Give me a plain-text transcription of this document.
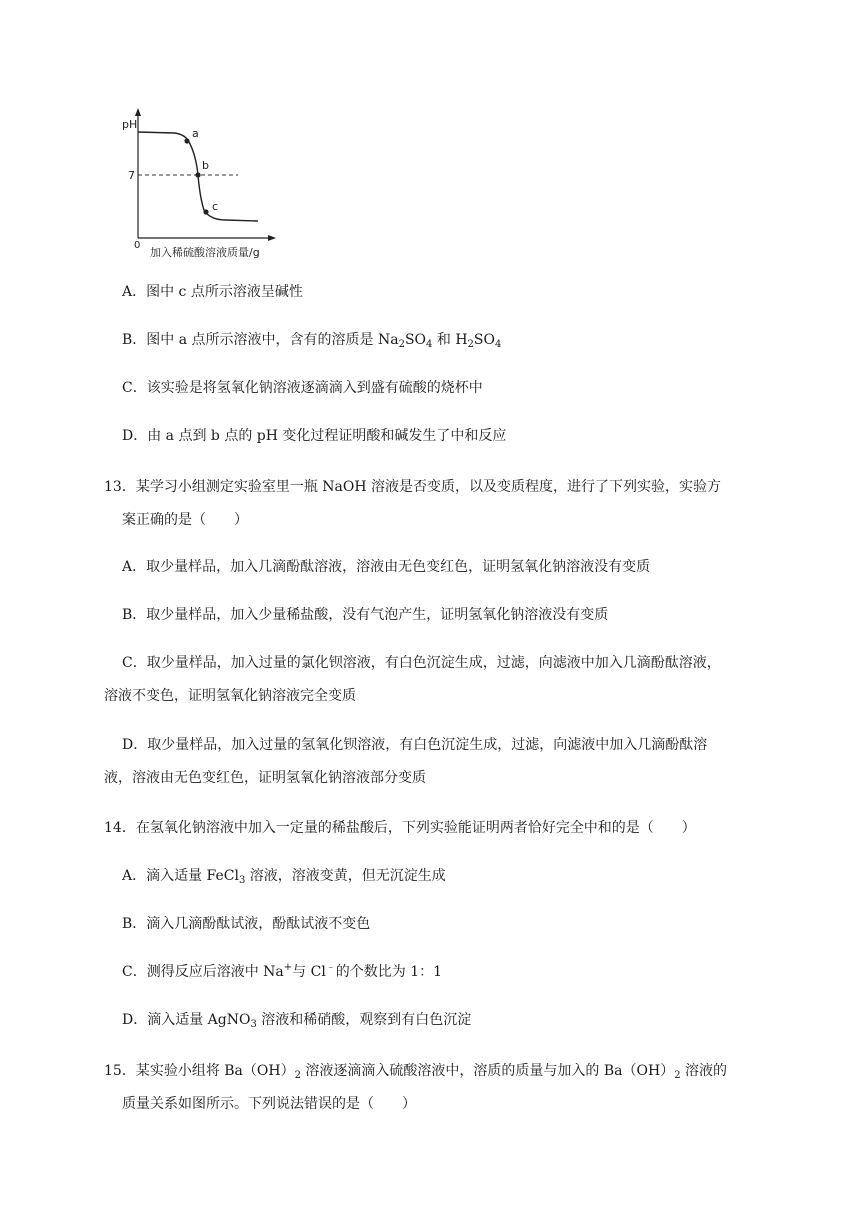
pH
7
0
a
b
c
加入稀硫酸溶液质量/g
A．图中 c 点所示溶液呈碱性
B．图中 a 点所示溶液中，含有的溶质是 $Na_2SO_4$ 和 $H_2SO_4$
C．该实验是将氢氧化钠溶液逐滴滴入到盛有硫酸的烧杯中
D．由 a 点到 b 点的 pH 变化过程证明酸和碱发生了中和反应
13．某学习小组测定实验室里一瓶 NaOH 溶液是否变质，以及变质程度，进行了下列实验，实验方
案正确的是（　　）
A．取少量样品，加入几滴酚酞溶液，溶液由无色变红色，证明氢氧化钠溶液没有变质
B．取少量样品，加入少量稀盐酸，没有气泡产生，证明氢氧化钠溶液没有变质
C．取少量样品，加入过量的氯化钡溶液，有白色沉淀生成，过滤，向滤液中加入几滴酚酞溶液，
溶液不变色，证明氢氧化钠溶液完全变质
D．取少量样品，加入过量的氢氧化钡溶液，有白色沉淀生成，过滤，向滤液中加入几滴酚酞溶
液，溶液由无色变红色，证明氢氧化钠溶液部分变质
14．在氢氧化钠溶液中加入一定量的稀盐酸后，下列实验能证明两者恰好完全中和的是（　　）
A．滴入适量 FeCl$_3$ 溶液，溶液变黄，但无沉淀生成
B．滴入几滴酚酞试液，酚酞试液不变色
C．测得反应后溶液中 Na+与 Cl﹣的个数比为 1：1
D．滴入适量 AgNO$_3$ 溶液和稀硝酸，观察到有白色沉淀
15．某实验小组将 $Ba(OH)_2$ 溶液逐滴滴入硫酸溶液中，溶质的质量与加入的 $Ba(OH)_2$ 溶液的
质量关系如图所示。下列说法错误的是（　　）
